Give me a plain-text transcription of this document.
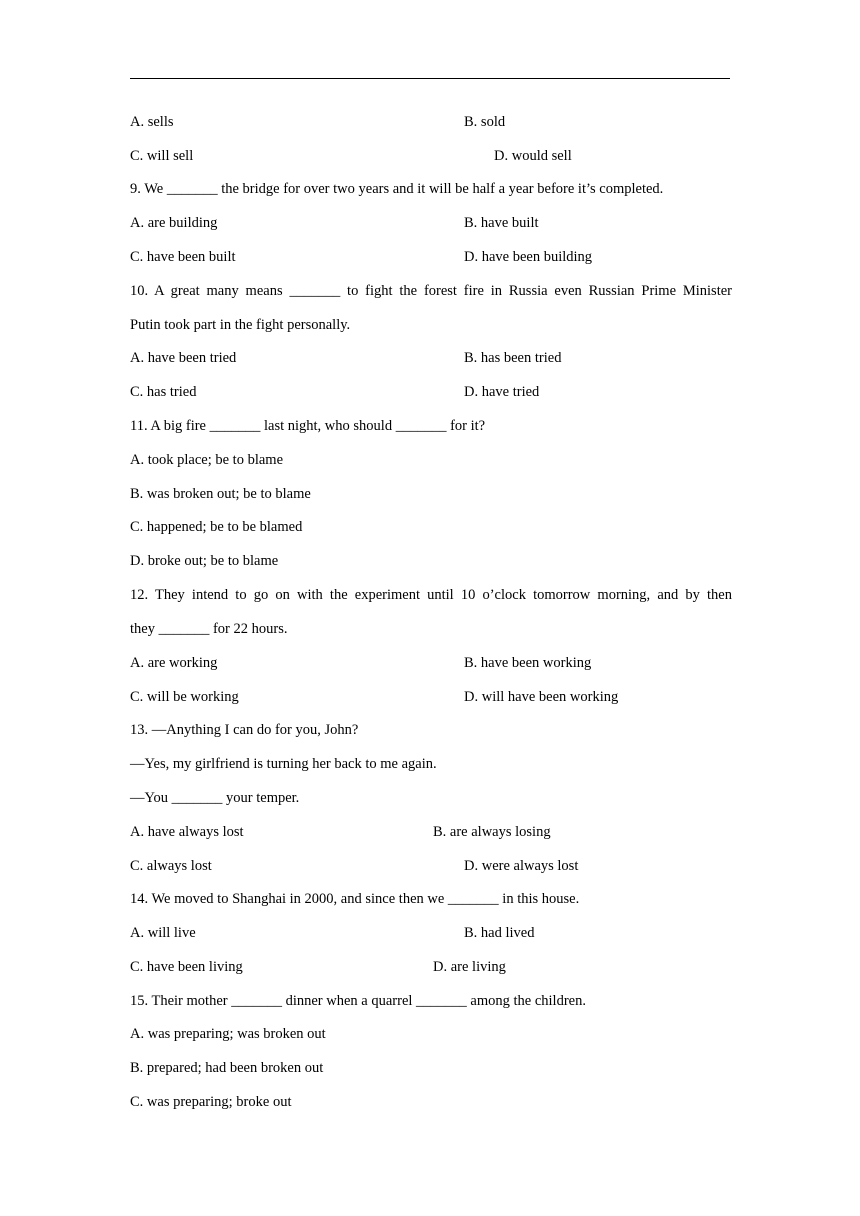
A. sells	B. sold
C. will sell	D. would sell
9. We _______ the bridge for over two years and it will be half a year before it’s completed.
A. are building	B. have built
C. have been built	D. have been building
10. A great many means _______ to fight the forest fire in Russia even Russian Prime Minister
Putin took part in the fight personally.
A. have been tried	B. has been tried
C. has tried	D. have tried
11. A big fire _______ last night, who should _______ for it?
A. took place; be to blame
B. was broken out; be to blame
C. happened; be to be blamed
D. broke out; be to blame
12. They intend to go on with the experiment until 10 o’clock tomorrow morning, and by then
they _______ for 22 hours.
A. are working	B. have been working
C. will be working	D. will have been working
13. —Anything I can do for you, John?
—Yes, my girlfriend is turning her back to me again.
—You _______ your temper.
A. have always lost	B. are always losing
C. always lost	D. were always lost
14. We moved to Shanghai in 2000, and since then we _______ in this house.
A. will live	B. had lived
C. have been living	D. are living
15. Their mother _______ dinner when a quarrel _______ among the children.
A. was preparing; was broken out
B. prepared; had been broken out
C. was preparing; broke out
